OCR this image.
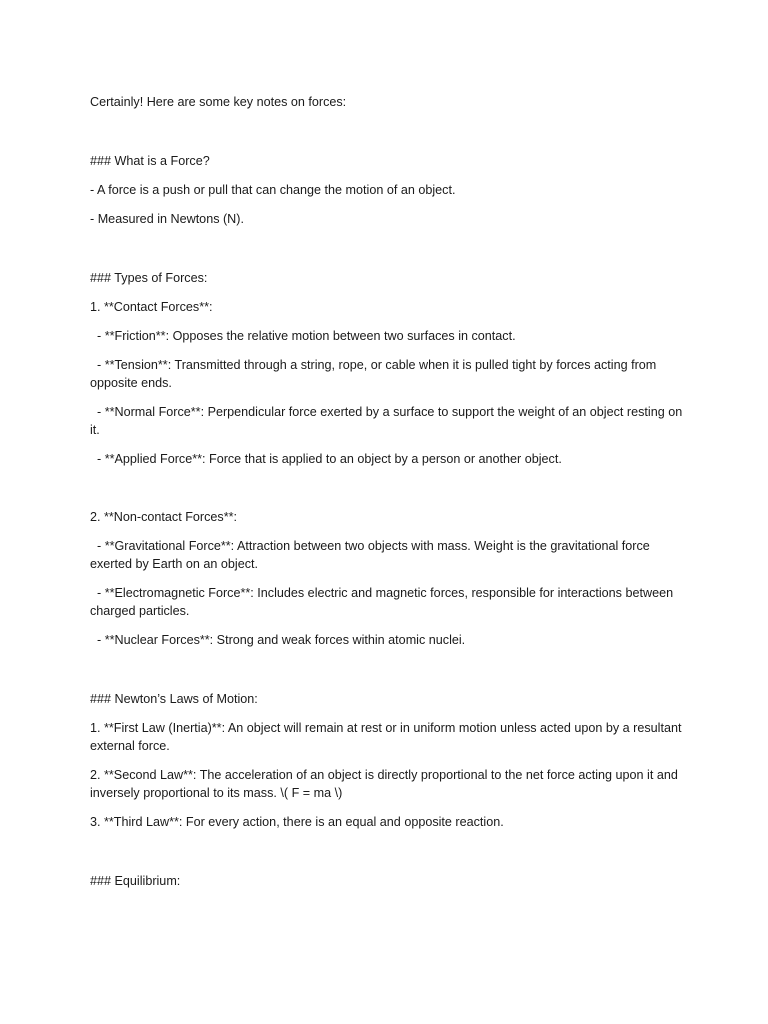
Certainly! Here are some key notes on forces:
### What is a Force?
- A force is a push or pull that can change the motion of an object.
- Measured in Newtons (N).
### Types of Forces:
1. **Contact Forces**:
- **Friction**: Opposes the relative motion between two surfaces in contact.
- **Tension**: Transmitted through a string, rope, or cable when it is pulled tight by forces acting from opposite ends.
- **Normal Force**: Perpendicular force exerted by a surface to support the weight of an object resting on it.
- **Applied Force**: Force that is applied to an object by a person or another object.
2. **Non-contact Forces**:
- **Gravitational Force**: Attraction between two objects with mass. Weight is the gravitational force exerted by Earth on an object.
- **Electromagnetic Force**: Includes electric and magnetic forces, responsible for interactions between charged particles.
- **Nuclear Forces**: Strong and weak forces within atomic nuclei.
### Newton’s Laws of Motion:
1. **First Law (Inertia)**: An object will remain at rest or in uniform motion unless acted upon by a resultant external force.
2. **Second Law**: The acceleration of an object is directly proportional to the net force acting upon it and inversely proportional to its mass. \( F = ma \)
3. **Third Law**: For every action, there is an equal and opposite reaction.
### Equilibrium:
